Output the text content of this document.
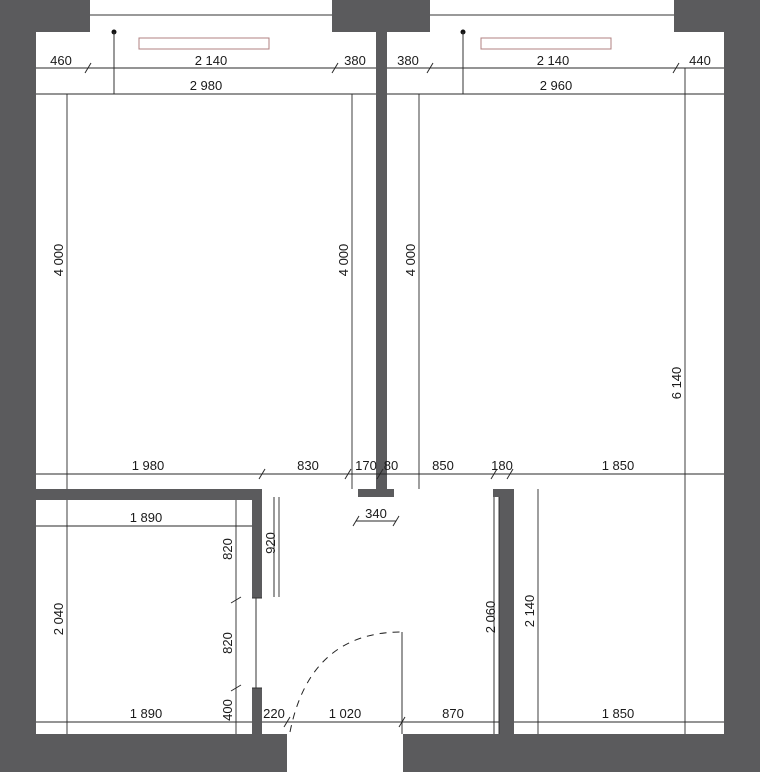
460	2 140	380
2 980
380	2 140	440
2 960
4 000	4 000	4 000
6 140
1 980	830	170 80	850	180	1 850
1 890
2 040
820
820
400
1 890
920
340
2 060
220	1 020	870
2 140
1 850
